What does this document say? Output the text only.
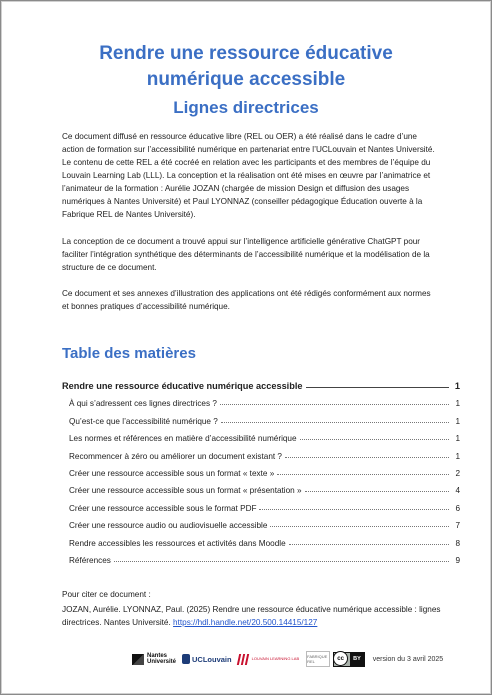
Rendre une ressource éducative
numérique accessible
Lignes directrices

Ce document diffusé en ressource éducative libre (REL ou OER) a été réalisé dans le cadre d’une action de formation sur l’accessibilité numérique en partenariat entre l’UCLouvain et Nantes Université. Le contenu de cette REL a été cocréé en relation avec les participants et des membres de l’équipe du Louvain Learning Lab (LLL). La conception et la réalisation ont été mises en œuvre par l’animatrice et l’animateur de la formation : Aurélie JOZAN (chargée de mission Design et diffusion des usages numériques à Nantes Université) et Paul LYONNAZ (conseiller pédagogique Éducation ouverte à la Fabrique REL de Nantes Université).

La conception de ce document a trouvé appui sur l’intelligence artificielle générative ChatGPT pour faciliter l’intégration synthétique des déterminants de l’accessibilité numérique et la modélisation de la structure de ce document.

Ce document et ses annexes d’illustration des applications ont été rédigés conformément aux normes et bonnes pratiques d’accessibilité numérique.

Table des matières
Rendre une ressource éducative numérique accessible	1
À qui s’adressent ces lignes directrices ?	1
Qu’est-ce que l’accessibilité numérique ?	1
Les normes et références en matière d’accessibilité numérique	1
Recommencer à zéro ou améliorer un document existant ?	1
Créer une ressource accessible sous un format « texte »	2
Créer une ressource accessible sous un format « présentation »	4
Créer une ressource accessible sous le format PDF	6
Créer une ressource audio ou audiovisuelle accessible	7
Rendre accessibles les ressources et activités dans Moodle	8
Références	9
Pour citer ce document :

JOZAN, Aurélie. LYONNAZ, Paul. (2025) Rendre une ressource éducative numérique accessible : lignes directrices. Nantes Université. https://hdl.handle.net/20.500.14415/127

Nantes
Université UCLouvain	LOUVAIN LEARNING LAB FABRIQUE REL	cc	BY	version du 3 avril 2025
